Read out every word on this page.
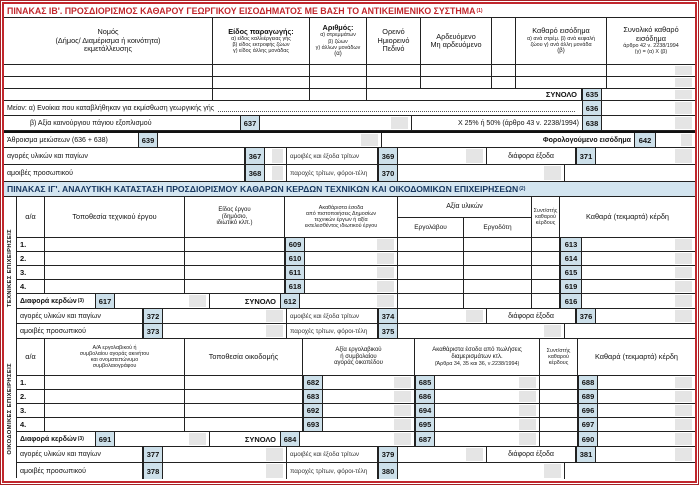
ΠΙΝΑΚΑΣ ΙΒ'. ΠΡΟΣΔΙΟΡΙΣΜΟΣ ΚΑΘΑΡΟΥ ΓΕΩΡΓΙΚΟΥ ΕΙΣΟΔΗΜΑΤΟΣ ΜΕ ΒΑΣΗ ΤΟ ΑΝΤΙΚΕΙΜΕΝΙΚΟ ΣΥΣΤΗΜΑ (1)
Νομός
(Δήμος/ Διαμέρισμα ή κοινότητα)
εκμετάλλευσης
Είδος παραγωγής:
α) είδος καλλιέργειας γής
β) είδος εκτροφής ζώων
γ) είδος άλλης μονάδας
Αριθμός:
α) στρεμμάτων
β) ζώων
γ) άλλων μονάδων
(α)
Ορεινό
Ημιορεινό
Πεδινό
Αρδευόμενο
Μη αρδευόμενο
Καθαρό εισόδημα
α) ανά στρέμ. β) ανά κεφαλή
ζώου γ) ανά άλλη μονάδα
(β)
Συνολικό καθαρό
εισόδημα
άρθρο 42 ν. 2238/1994
(γ) = (α) Χ (β)
ΣΥΝΟΛΟ	635
Μείον: α) Ενοίκια που καταβλήθηκαν για εκμίσθωση γεωργικής γής	636
β) Αξία καινούργιου πάγιου εξοπλισμού	637	Χ 25% ή 50% (άρθρο 43 ν. 2238/1994) 638
Άθροισμα μειώσεων (636 + 638)	639	Φορολογούμενο εισόδημα	642
αγορές υλικών και παγίων	367	αμοιβές και έξοδα τρίτων	369	διάφορα έξοδα	371
αμοιβές προσωπικού	368	παροχές τρίτων, φόροι-τέλη	370
ΠΙΝΑΚΑΣ ΙΓ'. ΑΝΑΛΥΤΙΚΗ ΚΑΤΑΣΤΑΣΗ ΠΡΟΣΔΙΟΡΙΣΜΟΥ ΚΑΘΑΡΩΝ ΚΕΡΔΩΝ ΤΕΧΝΙΚΩΝ ΚΑΙ ΟΙΚΟΔΟΜΙΚΩΝ ΕΠΙΧΕΙΡΗΣΕΩΝ (2)
ΤΕΧΝΙΚΕΣ ΕΠΙΧΕΙΡΗΣΕΙΣ
α/α	Τοποθεσία τεχνικού έργου
Είδος έργου
(δημόσιο,
ιδιωτικό κλπ.)
Ακαθάριστα έσοδα
από πιστοποιήσεις Δημοσίων
τεχνικών έργων ή αξία
εκτελεσθέντος ιδιωτικού έργου
Αξία υλικών
Εργολάβου	Εργοδότη
Συντ/στής
καθαρού
κέρδους
Καθαρά (τεκμαρτά) κέρδη
1.	609	613
2.	610	614
3.	611	615
4.	618	619
Διαφορά κερδών (3)	617	ΣΥΝΟΛΟ	612	616
αγορές υλικών και παγίων	372	αμοιβές και έξοδα τρίτων	374	διάφορα έξοδα	376
αμοιβές προσωπικού	373	παροχές τρίτων, φόροι-τέλη	375
ΟΙΚΟΔΟΜΙΚΕΣ ΕΠΙΧΕΙΡΗΣΕΙΣ
α/α
Α/Α εργολαβικού ή
συμβολαίου αγοράς ακινήτου
και ονοματεπώνυμο
συμβολαιογράφου
Τοποθεσία οικοδομής
Αξία εργολαβικού
ή συμβολαίου
αγοράς οικοπέδου
Ακαθάριστα έσοδα από πωλήσεις
διαμερισμάτων κτλ.
(Άρθρα 34, 35 και 36, ν.2238/1994)
Συντ/στής
καθαρού
κέρδους
Καθαρά (τεκμαρτά) κέρδη
1.	682	685	688
2.	683	686	689
3.	692	694	696
4.	693	695	697
Διαφορά κερδών (3)	691	ΣΥΝΟΛΟ	684	687	690
αγορές υλικών και παγίων	377	αμοιβές και έξοδα τρίτων	379	διάφορα έξοδα	381
αμοιβές προσωπικού	378	παροχές τρίτων, φόροι-τέλη	380
